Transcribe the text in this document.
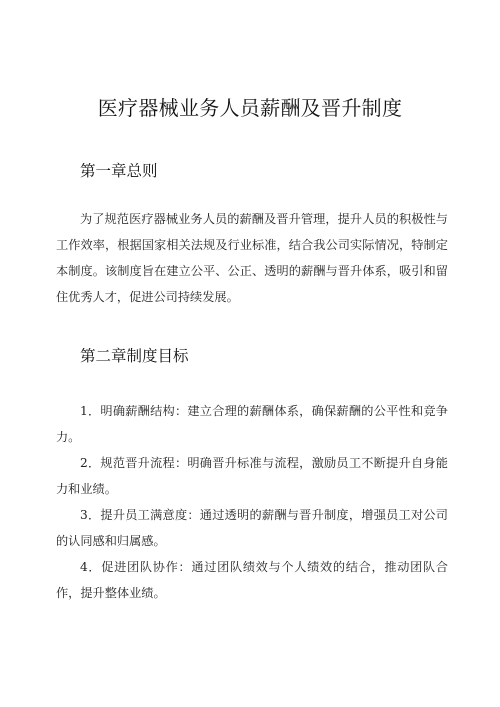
医疗器械业务人员薪酬及晋升制度
第一章总则

为了规范医疗器械业务人员的薪酬及晋升管理，提升人员的积极性与工作效率，根据国家相关法规及行业标准，结合我公司实际情况，特制定本制度。该制度旨在建立公平、公正、透明的薪酬与晋升体系，吸引和留住优秀人才，促进公司持续发展。

第二章制度目标
1．明确薪酬结构：建立合理的薪酬体系，确保薪酬的公平性和竞争力。
2．规范晋升流程：明确晋升标准与流程，激励员工不断提升自身能力和业绩。
3．提升员工满意度：通过透明的薪酬与晋升制度，增强员工对公司的认同感和归属感。
4．促进团队协作：通过团队绩效与个人绩效的结合，推动团队合作，提升整体业绩。
